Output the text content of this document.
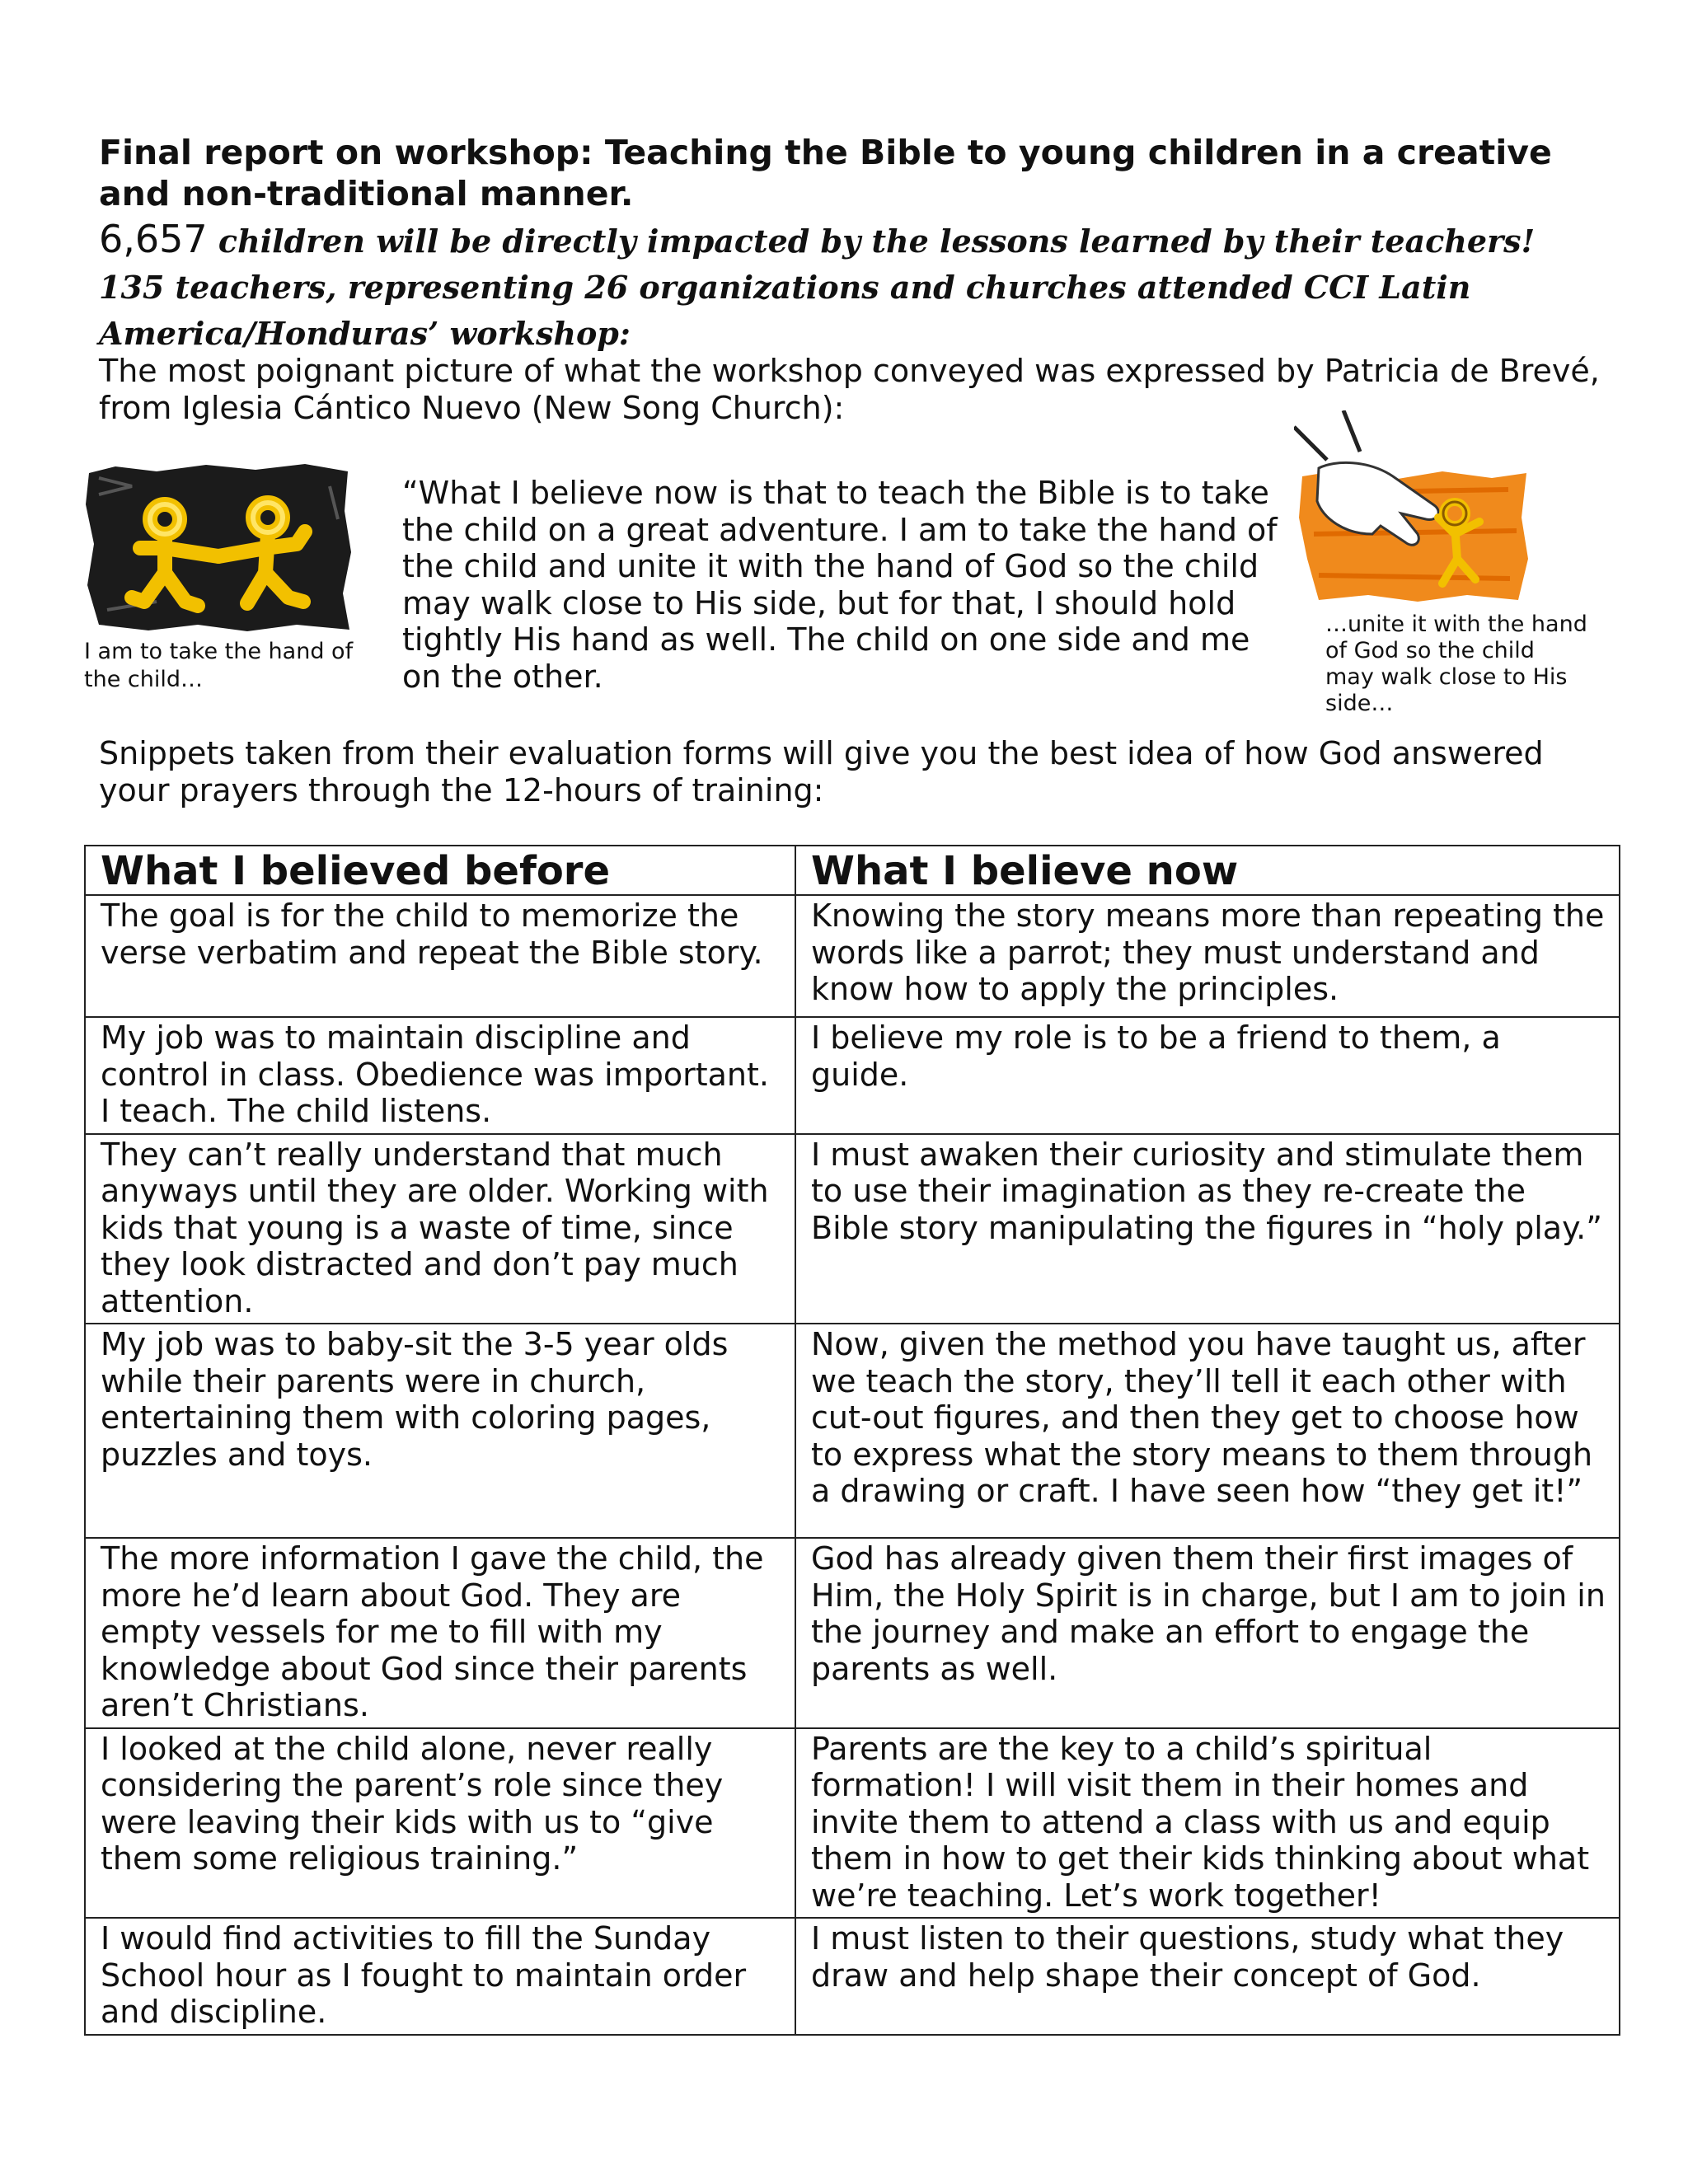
Final report on workshop: Teaching the Bible to young children in a creative and non-traditional manner.

6,657 children will be directly impacted by the lessons learned by their teachers! 135 teachers, representing 26 organizations and churches attended CCI Latin America/Honduras’ workshop:

The most poignant picture of what the workshop conveyed was expressed by Patricia de Brevé, from Iglesia Cántico Nuevo (New Song Church):

I am to take the hand of the child…

“What I believe now is that to teach the Bible is to take the child on a great adventure. I am to take the hand of the child and unite it with the hand of God so the child may walk close to His side, but for that, I should hold tightly His hand as well. The child on one side and me on the other.

…unite it with the hand of God so the child may walk close to His side…

Snippets taken from their evaluation forms will give you the best idea of how God answered your prayers through the 12-hours of training:

What I believed before	What I believe now
The goal is for the child to memorize the verse verbatim and repeat the Bible story.	Knowing the story means more than repeating the words like a parrot; they must understand and know how to apply the principles.
My job was to maintain discipline and control in class. Obedience was important. I teach. The child listens.	I believe my role is to be a friend to them, a guide.
They can’t really understand that much anyways until they are older. Working with kids that young is a waste of time, since they look distracted and don’t pay much attention.	I must awaken their curiosity and stimulate them to use their imagination as they re-create the Bible story manipulating the figures in “holy play.”
My job was to baby-sit the 3-5 year olds while their parents were in church, entertaining them with coloring pages, puzzles and toys.	Now, given the method you have taught us, after we teach the story, they’ll tell it each other with cut-out figures, and then they get to choose how to express what the story means to them through a drawing or craft. I have seen how “they get it!”
The more information I gave the child, the more he’d learn about God. They are empty vessels for me to fill with my knowledge about God since their parents aren’t Christians.	God has already given them their first images of Him, the Holy Spirit is in charge, but I am to join in the journey and make an effort to engage the parents as well.
I looked at the child alone, never really considering the parent’s role since they were leaving their kids with us to “give them some religious training.”	Parents are the key to a child’s spiritual formation! I will visit them in their homes and invite them to attend a class with us and equip them in how to get their kids thinking about what we’re teaching. Let’s work together!
I would find activities to fill the Sunday School hour as I fought to maintain order and discipline.	I must listen to their questions, study what they draw and help shape their concept of God.
